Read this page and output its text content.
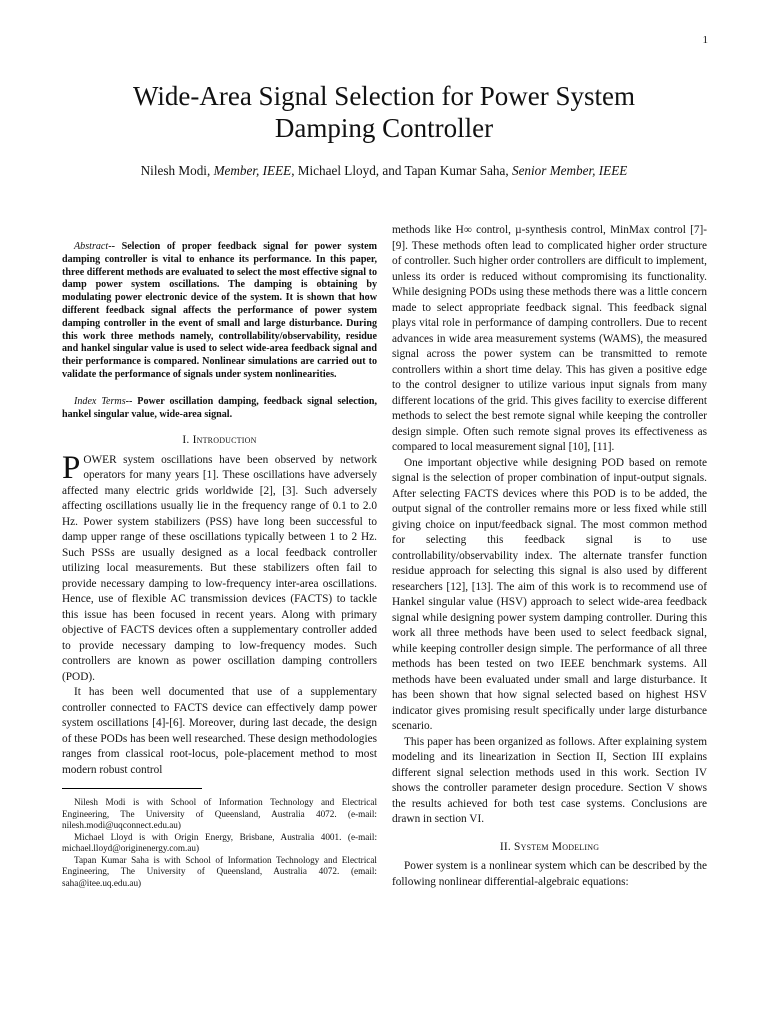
1
Wide-Area Signal Selection for Power System
Damping Controller
Nilesh Modi, Member, IEEE, Michael Lloyd, and Tapan Kumar Saha, Senior Member, IEEE

Abstract-- Selection of proper feedback signal for power system damping controller is vital to enhance its performance. In this paper, three different methods are evaluated to select the most effective signal to damp power system oscillations. The damping is obtaining by modulating power electronic device of the system. It is shown that how different feedback signal affects the performance of power system damping controller in the event of small and large disturbance. During this work three methods namely, controllability/observability, residue and hankel singular value is used to select wide-area feedback signal and their performance is compared. Nonlinear simulations are carried out to validate the performance of signals under system nonlinearities.

Index Terms-- Power oscillation damping, feedback signal selection, hankel singular value, wide-area signal.

I. Introduction

POWER system oscillations have been observed by network operators for many years [1]. These oscillations have adversely affected many electric grids worldwide [2], [3]. Such adversely affecting oscillations usually lie in the frequency range of 0.1 to 2.0 Hz. Power system stabilizers (PSS) have long been successful to damp upper range of these oscillations typically between 1 to 2 Hz. Such PSSs are usually designed as a local feedback controller utilizing local measurements. But these stabilizers often fail to provide necessary damping to low-frequency inter-area oscillations. Hence, use of flexible AC transmission devices (FACTS) to tackle this issue has been focused in recent years. Along with primary objective of FACTS devices often a supplementary controller added to provide necessary damping to low-frequency modes. Such controllers are known as power oscillation damping controllers (POD).

It has been well documented that use of a supplementary controller connected to FACTS device can effectively damp power system oscillations [4]-[6]. Moreover, during last decade, the design of these PODs has been well researched. These design methodologies ranges from classical root-locus, pole-placement method to most modern robust control

Nilesh Modi is with School of Information Technology and Electrical Engineering, The University of Queensland, Australia 4072. (e-mail: nilesh.modi@uqconnect.edu.au)

Michael Lloyd is with Origin Energy, Brisbane, Australia 4001. (e-mail: michael.lloyd@originenergy.com.au)

Tapan Kumar Saha is with School of Information Technology and Electrical Engineering, The University of Queensland, Australia 4072. (email: saha@itee.uq.edu.au)

methods like H∞ control, µ-synthesis control, MinMax control [7]-[9]. These methods often lead to complicated higher order structure of controller. Such higher order controllers are difficult to implement, unless its order is reduced without compromising its functionality. While designing PODs using these methods there was a little concern made to select appropriate feedback signal. This feedback signal plays vital role in performance of damping controllers. Due to recent advances in wide area measurement systems (WAMS), the measured signal across the power system can be transmitted to remote controllers within a short time delay. This has given a positive edge to the control designer to utilize various input signals from many different locations of the grid. This gives facility to exercise different methods to select the best remote signal while keeping the controller design simple. Often such remote signal proves its effectiveness as compared to local measurement signal [10], [11].

One important objective while designing POD based on remote signal is the selection of proper combination of input-output signals. After selecting FACTS devices where this POD is to be added, the output signal of the controller remains more or less fixed while still giving choice on input/feedback signal. The most common method for selecting this feedback signal is to use controllability/observability index. The alternate transfer function residue approach for selecting this signal is also used by different researchers [12], [13]. The aim of this work is to recommend use of Hankel singular value (HSV) approach to select wide-area feedback signal while designing power system damping controller. During this work all three methods have been used to select feedback signal, while keeping controller design simple. The performance of all three methods has been tested on two IEEE benchmark systems. All methods have been evaluated under small and large disturbance. It has been shown that how signal selected based on highest HSV indicator gives promising result specifically under large disturbance scenario.

This paper has been organized as follows. After explaining system modeling and its linearization in Section II, Section III explains different signal selection methods used in this work. Section IV shows the controller parameter design procedure. Section V shows the results achieved for both test case systems. Conclusions are drawn in section VI.

II. System Modeling

Power system is a nonlinear system which can be described by the following nonlinear differential-algebraic equations:
